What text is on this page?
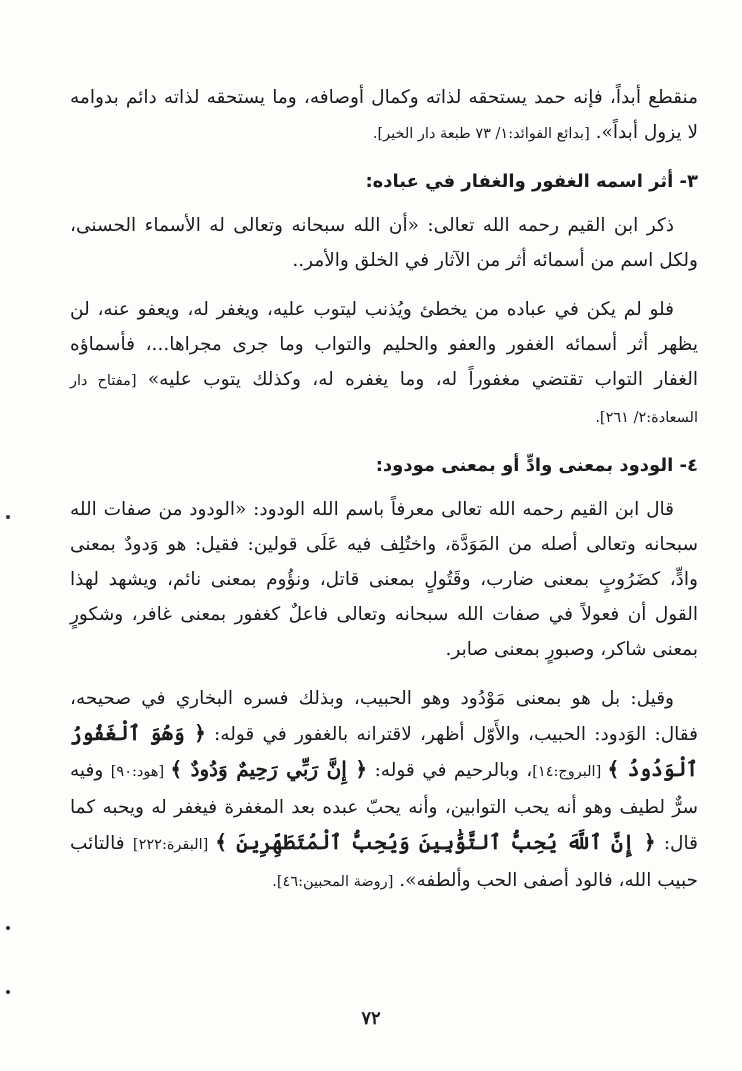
منقطع أبداً، فإنه حمد يستحقه لذاته وكمال أوصافه، وما يستحقه لذاته دائم بدوامه لا يزول أبداً». [بدائع الفوائد:١/ ٧٣ طبعة دار الخير].

٣- أثر اسمه الغفور والغفار في عباده:

ذكر ابن القيم رحمه الله تعالى: «أن الله سبحانه وتعالى له الأسماء الحسنى، ولكل اسم من أسمائه أثر من الآثار في الخلق والأمر..

فلو لم يكن في عباده من يخطئ ويُذنب ليتوب عليه، ويغفر له، ويعفو عنه، لن يظهر أثر أسمائه الغفور والعفو والحليم والتواب وما جرى مجراها...، فأسماؤه الغفار التواب تقتضي مغفوراً له، وما يغفره له، وكذلك يتوب عليه» [مفتاح دار السعادة:٢/ ٢٦١].

٤- الودود بمعنى وادٍّ أو بمعنى مودود:

قال ابن القيم رحمه الله تعالى معرفاً باسم الله الودود: «الودود من صفات الله سبحانه وتعالى أصله من المَوَدَّة، واختُلِف فيه عَلَى قولين: فقيل: هو وَدودٌ بمعنى وادٍّ، كضَرُوبٍ بمعنى ضارب، وقَتُولٍ بمعنى قاتل، ونؤُوم بمعنى نائم، ويشهد لهذا القول أن فعولاً في صفات الله سبحانه وتعالى فاعلٌ كغفور بمعنى غافر، وشكورٍ بمعنى شاكر، وصبورٍ بمعنى صابر.

وقيل: بل هو بمعنى مَوْدُود وهو الحبيب، وبذلك فسره البخاري في صحيحه، فقال: الوَدود: الحبيب، والأَوّل أظهر، لاقترانه بالغفور في قوله: ﴿ وَهُوَ ٱلْغَفُورُ ٱلْوَدُودُ ﴾ [البروج:١٤]، وبالرحيم في قوله: ﴿ إِنَّ رَبِّي رَحِيمٌ وَدُودٌ ﴾ [هود:٩٠] وفيه سرٌّ لطيف وهو أنه يحب التوابين، وأنه يحبّ عبده بعد المغفرة فيغفر له ويحبه كما قال: ﴿ إِنَّ ٱللَّهَ يُحِبُّ ٱلتَّوَّٰبِينَ وَيُحِبُّ ٱلْمُتَطَهِّرِينَ ﴾ [البقرة:٢٢٢] فالتائب حبيب الله، فالود أصفى الحب وألطفه». [روضة المحبين:٤٦].

٧٢
